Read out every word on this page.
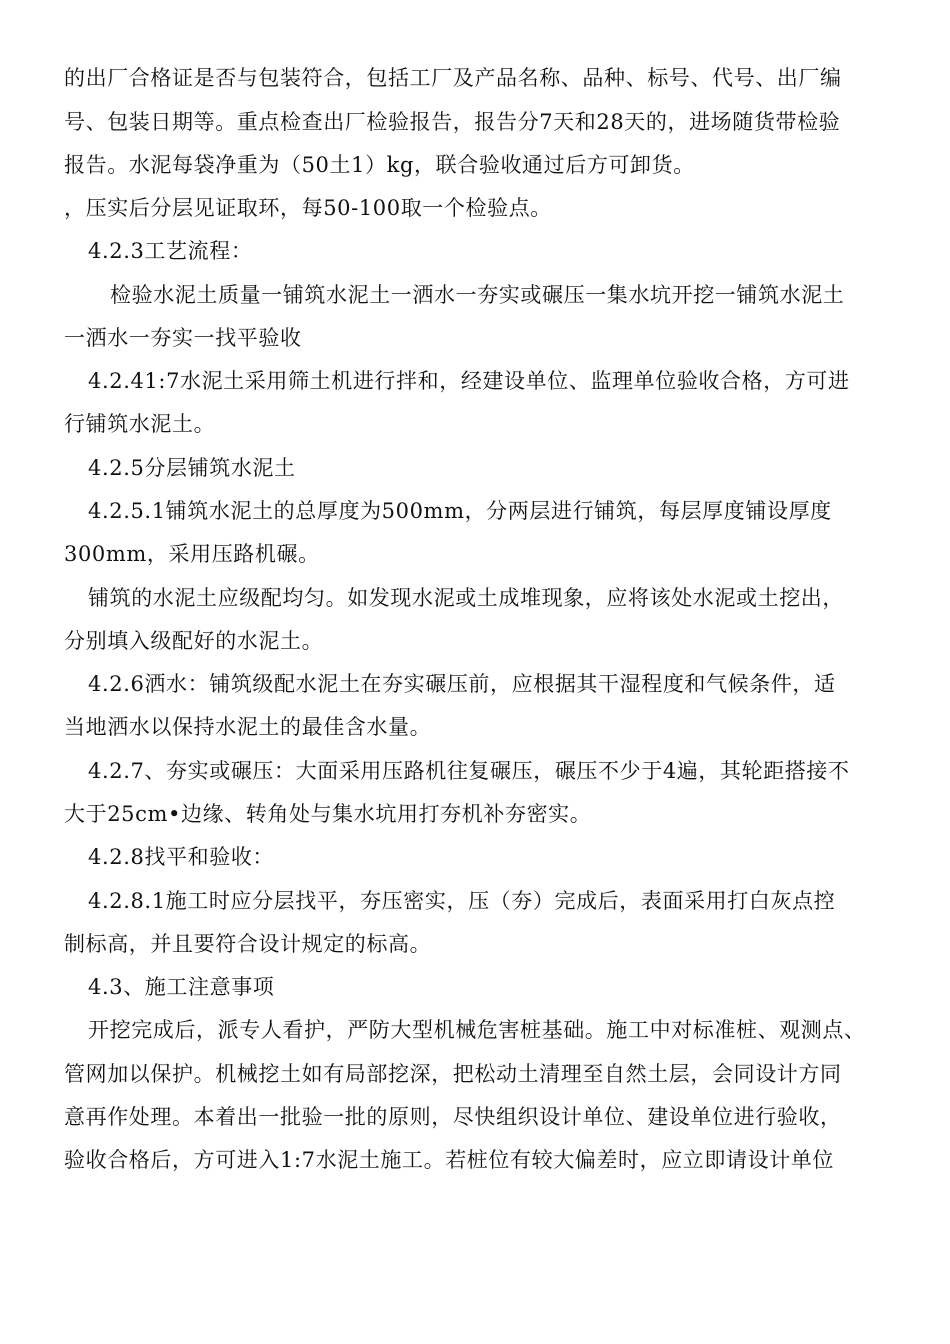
的出厂合格证是否与包装符合，包括工厂及产品名称、品种、标号、代号、出厂编
号、包装日期等。重点检查出厂检验报告，报告分7天和28天的，进场随货带检验
报告。水泥每袋净重为（50土1）kg，联合验收通过后方可卸货。
，压实后分层见证取环，每50-100取一个检验点。
4.2.3工艺流程：
检验水泥土质量一铺筑水泥土一洒水一夯实或碾压一集水坑开挖一铺筑水泥土
一洒水一夯实一找平验收
4.2.41:7水泥土采用筛土机进行拌和，经建设单位、监理单位验收合格，方可进
行铺筑水泥土。
4.2.5分层铺筑水泥土
4.2.5.1铺筑水泥土的总厚度为500mm，分两层进行铺筑，每层厚度铺设厚度
300mm，采用压路机碾。
铺筑的水泥土应级配均匀。如发现水泥或土成堆现象，应将该处水泥或土挖出，
分别填入级配好的水泥土。
4.2.6洒水：铺筑级配水泥土在夯实碾压前，应根据其干湿程度和气候条件，适
当地洒水以保持水泥土的最佳含水量。
4.2.7、夯实或碾压：大面采用压路机往复碾压，碾压不少于4遍，其轮距搭接不
大于25cm•边缘、转角处与集水坑用打夯机补夯密实。
4.2.8找平和验收：
4.2.8.1施工时应分层找平，夯压密实，压（夯）完成后，表面采用打白灰点控
制标高，并且要符合设计规定的标高。
4.3、施工注意事项
开挖完成后，派专人看护，严防大型机械危害桩基础。施工中对标准桩、观测点、
管网加以保护。机械挖土如有局部挖深，把松动土清理至自然土层，会同设计方同
意再作处理。本着出一批验一批的原则，尽快组织设计单位、建设单位进行验收，
验收合格后，方可进入1:7水泥土施工。若桩位有较大偏差时，应立即请设计单位
